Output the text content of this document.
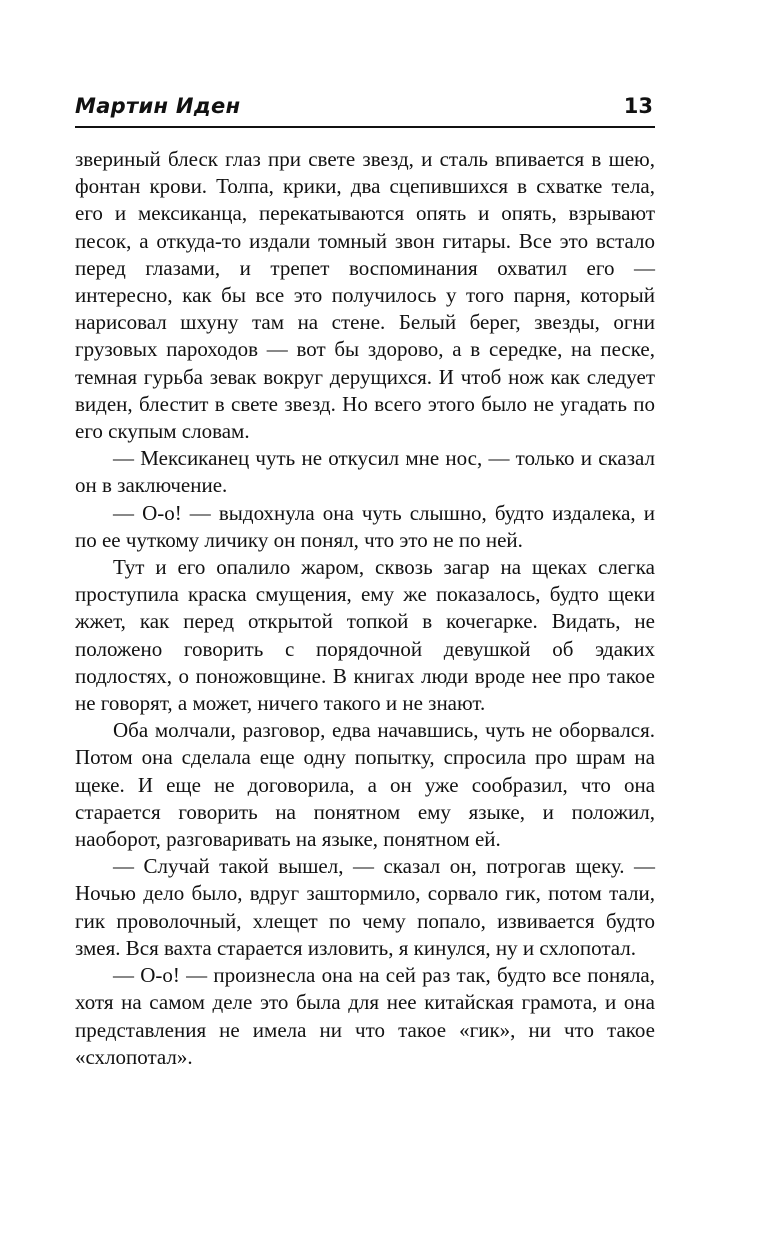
Мартин Иден	13

звериный блеск глаз при свете звезд, и сталь впивается в шею, фонтан крови. Толпа, крики, два сцепившихся в схватке тела, его и мексиканца, перекатываются опять и опять, взрывают песок, а откуда-то издали томный звон гитары. Все это встало перед глазами, и трепет воспоминания охватил его — интересно, как бы все это получилось у того парня, который нарисовал шхуну там на стене. Белый берег, звезды, огни грузовых пароходов — вот бы здорово, а в середке, на песке, темная гурьба зевак вокруг дерущихся. И чтоб нож как следует виден, блестит в свете звезд. Но всего этого было не угадать по его скупым словам.

— Мексиканец чуть не откусил мне нос, — только и сказал он в заключение.

— О-о! — выдохнула она чуть слышно, будто издалека, и по ее чуткому личику он понял, что это не по ней.

Тут и его опалило жаром, сквозь загар на щеках слегка проступила краска смущения, ему же показалось, будто щеки жжет, как перед открытой топкой в кочегарке. Видать, не положено говорить с порядочной девушкой об эдаких подлостях, о поножовщине. В книгах люди вроде нее про такое не говорят, а может, ничего такого и не знают.

Оба молчали, разговор, едва начавшись, чуть не оборвался. Потом она сделала еще одну попытку, спросила про шрам на щеке. И еще не договорила, а он уже сообразил, что она старается говорить на понятном ему языке, и положил, наоборот, разговаривать на языке, понятном ей.

— Случай такой вышел, — сказал он, потрогав щеку. — Ночью дело было, вдруг заштормило, сорвало гик, потом тали, гик проволочный, хлещет по чему попало, извивается будто змея. Вся вахта старается изловить, я кинулся, ну и схлопотал.

— О-о! — произнесла она на сей раз так, будто все поняла, хотя на самом деле это была для нее китайская грамота, и она представления не имела ни что такое «гик», ни что такое «схлопотал».
